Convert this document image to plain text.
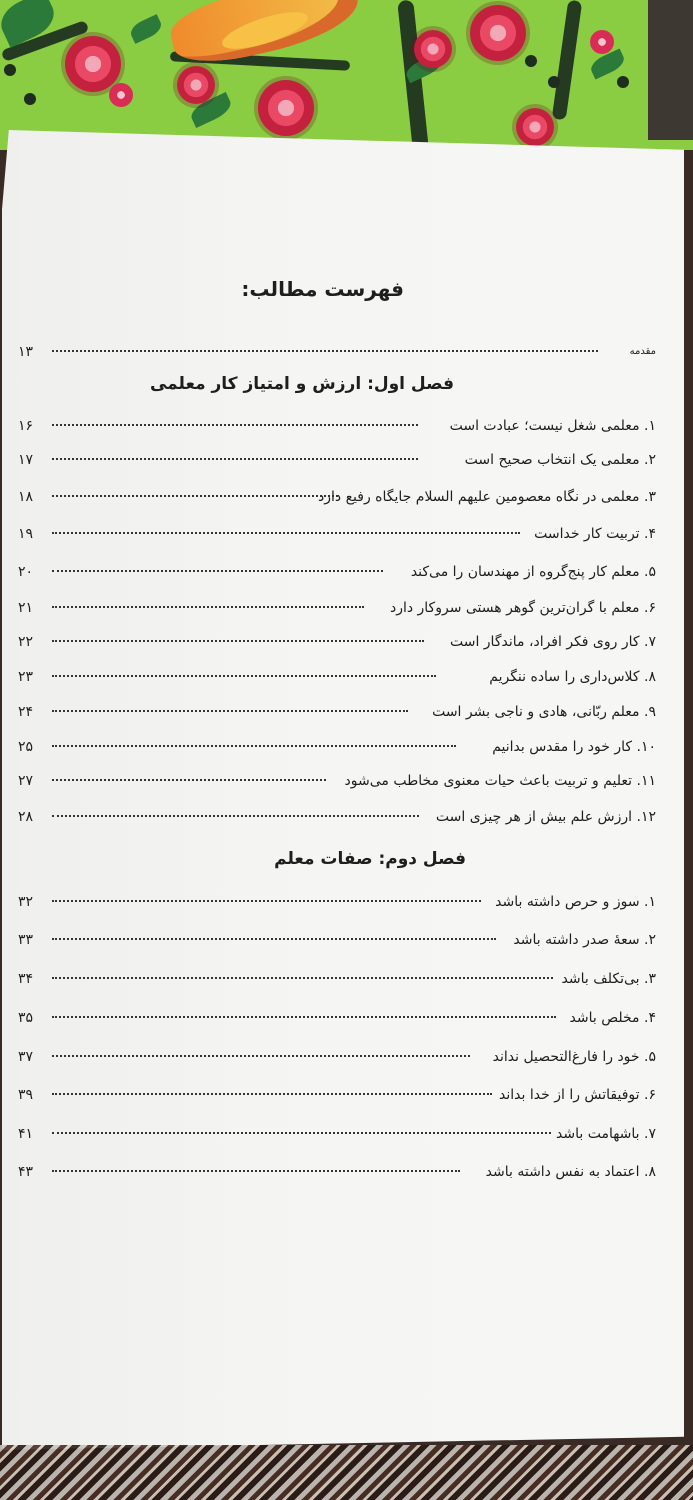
فهرست مطالب:
مقدمه
۱۳
فصل اول: ارزش و امتیاز کار معلمی
۱. معلمی شغل نیست؛ عبادت است
۱۶
۲. معلمی یک انتخاب صحیح است
۱۷
۳. معلمی در نگاه معصومین علیهم السلام جایگاه رفیع دارد
۱۸
۴. تربیت کار خداست
۱۹
۵. معلم کار پنج‌گروه از مهندسان را می‌کند
۲۰
۶. معلم با گران‌ترین گوهر هستی سروکار دارد
۲۱
۷. کار روی فکر افراد، ماندگار است
۲۲
۸. کلاس‌داری را ساده ننگریم
۲۳
۹. معلم ربّانی، هادی و ناجی بشر است
۲۴
۱۰. کار خود را مقدس بدانیم
۲۵
۱۱. تعلیم و تربیت باعث حیات معنوی مخاطب می‌شود
۲۷
۱۲. ارزش علم بیش از هر چیزی است
۲۸
فصل دوم: صفات معلم
۱. سوز و حرص داشته باشد
۳۲
۲. سعهٔ صدر داشته باشد
۳۳
۳. بی‌تکلف باشد
۳۴
۴. مخلص باشد
۳۵
۵. خود را فارغ‌التحصیل نداند
۳۷
۶. توفیقاتش را از خدا بداند
۳۹
۷. باشهامت باشد
۴۱
۸. اعتماد به نفس داشته باشد
۴۳
